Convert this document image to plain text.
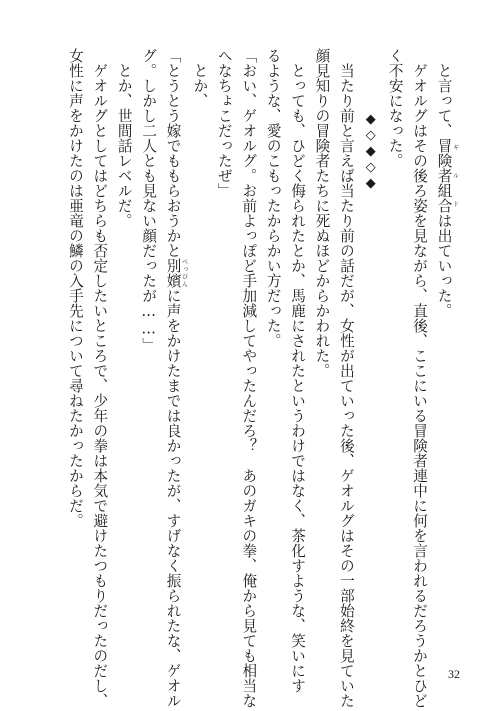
　と言って、冒険者組合 ギルドは出ていった。
　ゲオルグはその後ろ姿を見ながら、直後、ここにいる冒険者連中に何を言われるだろうかとひど
く不安になった。
◆◇◆◇◆
　当たり前と言えば当たり前の話だが、女性が出ていった後、ゲオルグはその一部始終を見ていた
顔見知りの冒険者たちに死ぬほどからかわれた。
　とっても、ひどく侮られたとか、馬鹿にされたというわけではなく、茶化すような、笑いにす
るような、愛のこもったからかい方だった。
「おい、ゲオルグ。お前よっぽど手加減してやったんだろ？　あのガキの拳、俺から見ても相当な
へなちょこだったぜ」
　とか、
「とうとう嫁でももらおうかと別嬪 べっぴんに声をかけたまでは良かったが、すげなく振られたな、ゲオル
グ。しかし二人とも見ない顔だったが……」
　とか、世間話レベルだ。
　ゲオルグとしてはどちらも否定したいところで、少年の拳は本気で避けたつもりだったのだし、
女性に声をかけたのは亜竜の鱗の入手先について尋ねたかったからだ。
32
